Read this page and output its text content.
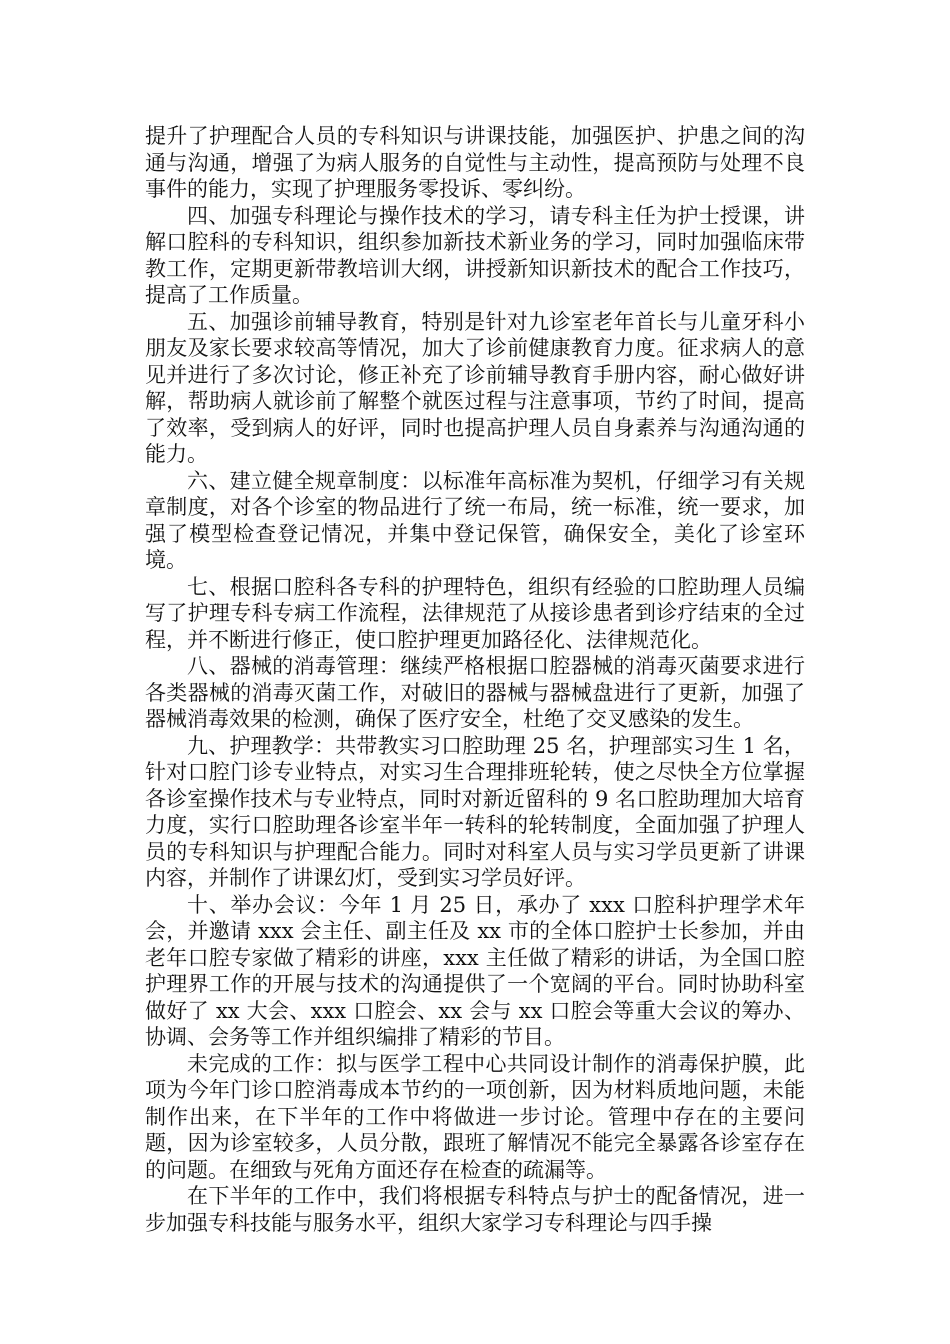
提升了护理配合人员的专科知识与讲课技能，加强医护、护患之间的沟通与沟通，增强了为病人服务的自觉性与主动性，提高预防与处理不良事件的能力，实现了护理服务零投诉、零纠纷。

四、加强专科理论与操作技术的学习，请专科主任为护士授课，讲解口腔科的专科知识，组织参加新技术新业务的学习，同时加强临床带教工作，定期更新带教培训大纲，讲授新知识新技术的配合工作技巧，提高了工作质量。

五、加强诊前辅导教育，特别是针对九诊室老年首长与儿童牙科小朋友及家长要求较高等情况，加大了诊前健康教育力度。征求病人的意见并进行了多次讨论，修正补充了诊前辅导教育手册内容，耐心做好讲解，帮助病人就诊前了解整个就医过程与注意事项，节约了时间，提高了效率，受到病人的好评，同时也提高护理人员自身素养与沟通沟通的能力。

六、建立健全规章制度：以标准年高标准为契机，仔细学习有关规章制度，对各个诊室的物品进行了统一布局，统一标准，统一要求，加强了模型检查登记情况，并集中登记保管，确保安全，美化了诊室环境。

七、根据口腔科各专科的护理特色，组织有经验的口腔助理人员编写了护理专科专病工作流程，法律规范了从接诊患者到诊疗结束的全过程，并不断进行修正，使口腔护理更加路径化、法律规范化。

八、器械的消毒管理：继续严格根据口腔器械的消毒灭菌要求进行各类器械的消毒灭菌工作，对破旧的器械与器械盘进行了更新，加强了器械消毒效果的检测，确保了医疗安全，杜绝了交叉感染的发生。

九、护理教学：共带教实习口腔助理 25 名，护理部实习生 1 名，针对口腔门诊专业特点，对实习生合理排班轮转，使之尽快全方位掌握各诊室操作技术与专业特点，同时对新近留科的 9 名口腔助理加大培育力度，实行口腔助理各诊室半年一转科的轮转制度，全面加强了护理人员的专科知识与护理配合能力。同时对科室人员与实习学员更新了讲课内容，并制作了讲课幻灯，受到实习学员好评。

十、举办会议：今年 1 月 25 日，承办了 xxx 口腔科护理学术年会，并邀请 xxx 会主任、副主任及 xx 市的全体口腔护士长参加，并由老年口腔专家做了精彩的讲座，xxx 主任做了精彩的讲话，为全国口腔护理界工作的开展与技术的沟通提供了一个宽阔的平台。同时协助科室做好了 xx 大会、xxx 口腔会、xx 会与 xx 口腔会等重大会议的筹办、协调、会务等工作并组织编排了精彩的节目。

未完成的工作：拟与医学工程中心共同设计制作的消毒保护膜，此项为今年门诊口腔消毒成本节约的一项创新，因为材料质地问题，未能制作出来，在下半年的工作中将做进一步讨论。管理中存在的主要问题，因为诊室较多，人员分散，跟班了解情况不能完全暴露各诊室存在的问题。在细致与死角方面还存在检查的疏漏等。

在下半年的工作中，我们将根据专科特点与护士的配备情况，进一步加强专科技能与服务水平，组织大家学习专科理论与四手操
